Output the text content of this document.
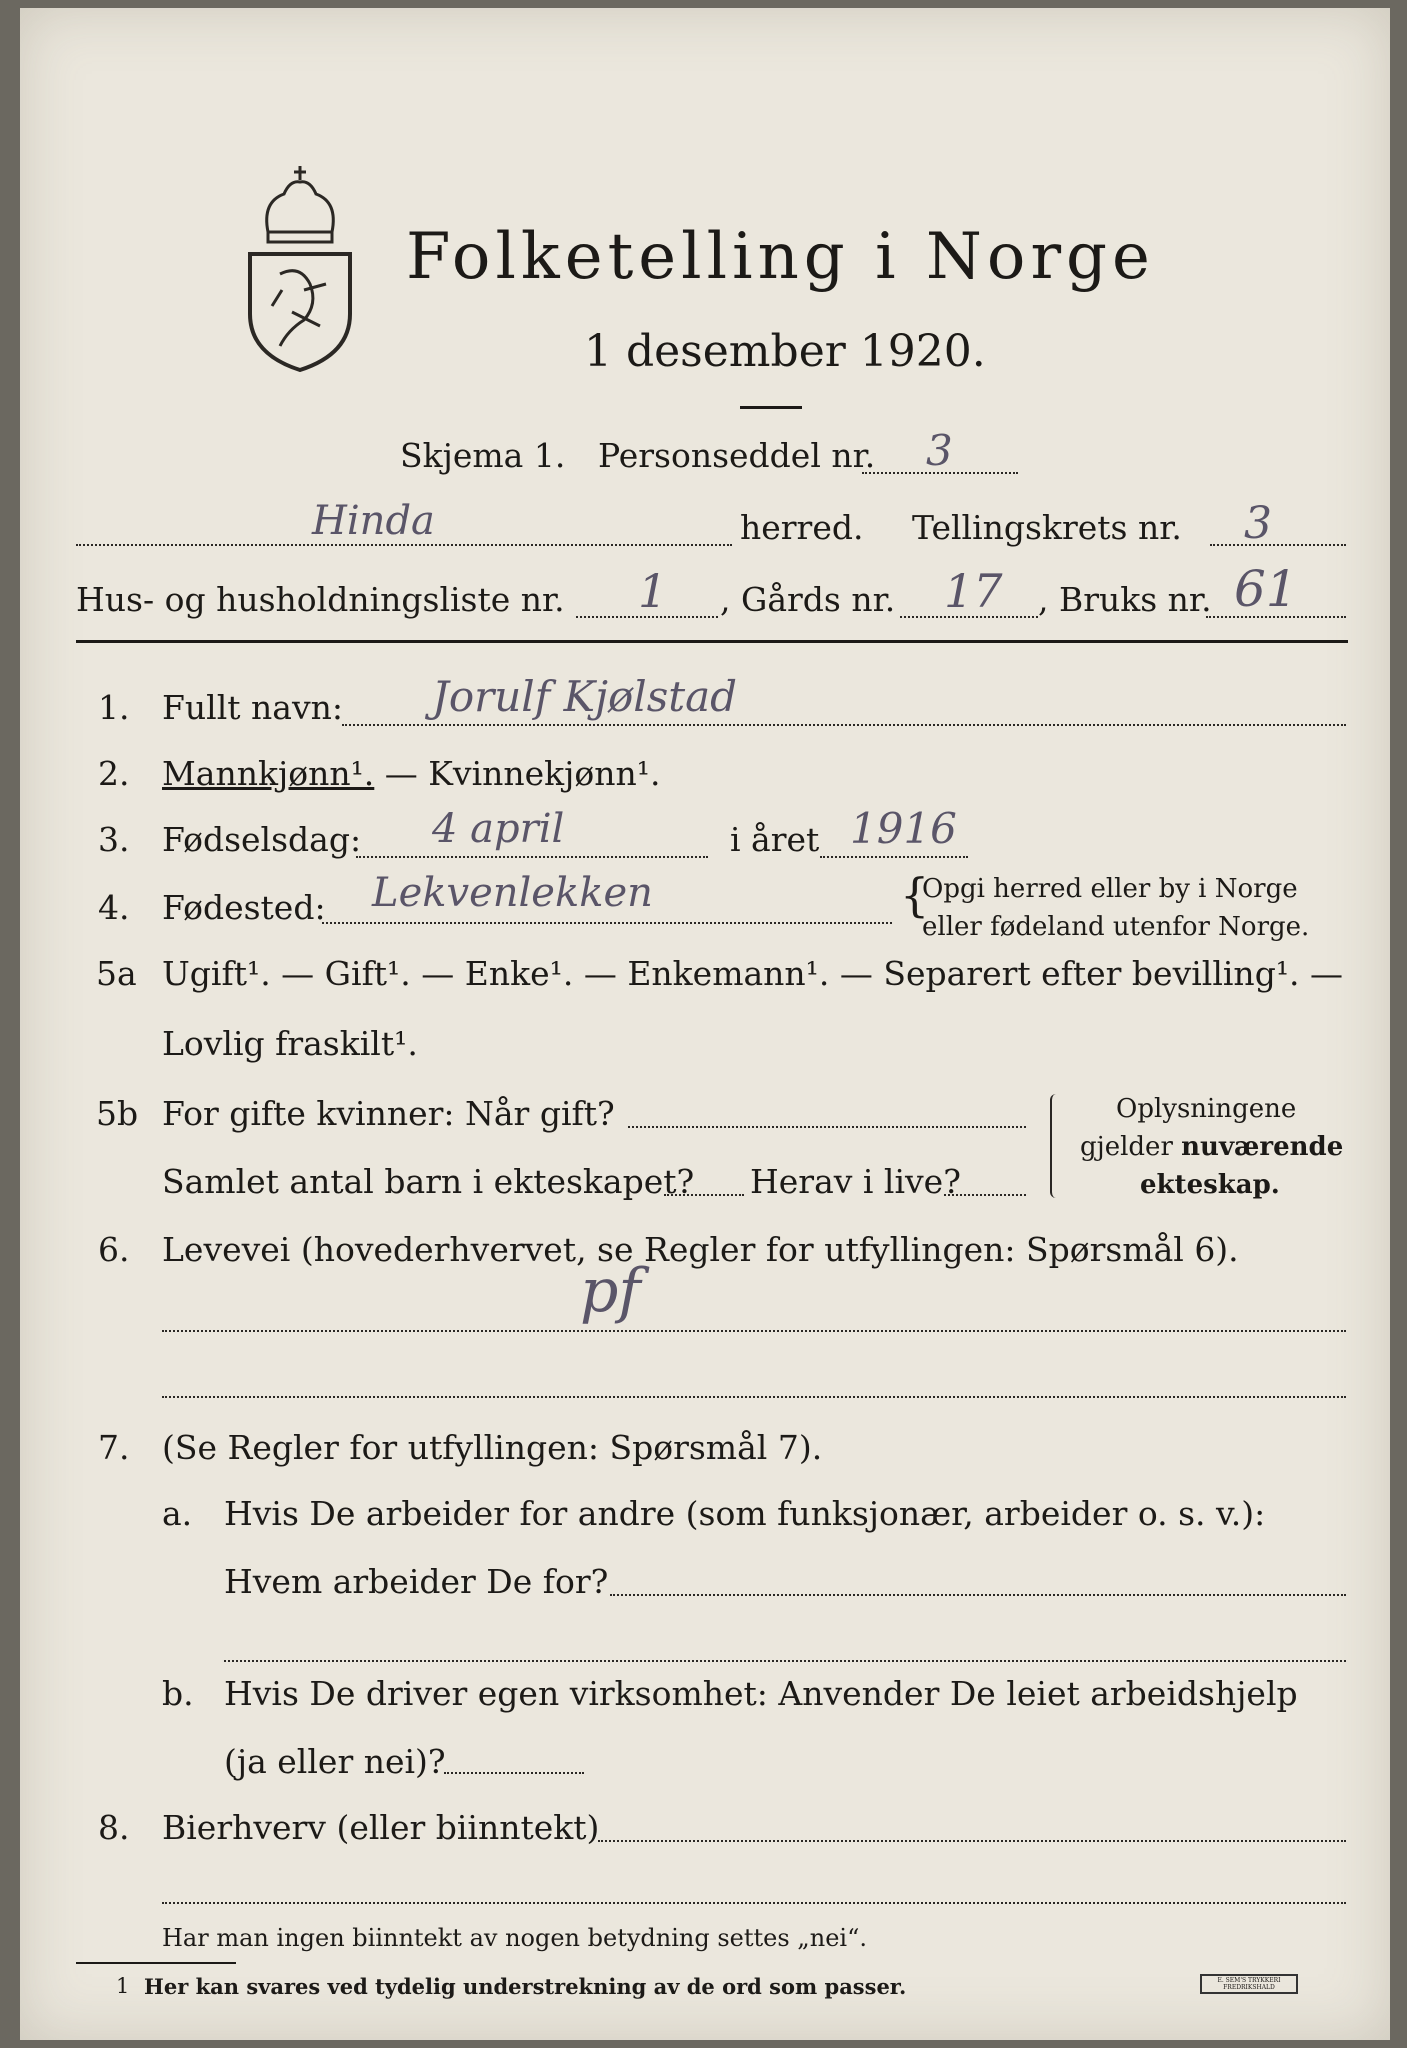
Folketelling i Norge
1 desember 1920.
Skjema 1. Personseddel nr. 3
Hinda	herred. Tellingskrets nr. 3
Hus- og husholdningsliste nr. 1 , Gårds nr. 17 , Bruks nr. 61
1. Fullt navn: Jorulf Kjølstad
2. Mannkjønn¹. — Kvinnekjønn¹.
3. Fødselsdag: 4 april	i året 1916
4. Fødested: Lekvenlekken	{
Opgi herred eller by i Norge
eller fødeland utenfor Norge.
5a Ugift¹. — Gift¹. — Enke¹. — Enkemann¹. — Separert efter bevilling¹. —
Lovlig fraskilt¹.
5b For gifte kvinner: Når gift?
Samlet antal barn i ekteskapet? Herav i live?
Oplysningene
gjelder nuværende
ekteskap.
6. Levevei (hovederhvervet, se Regler for utfyllingen: Spørsmål 6).
pf
7. (Se Regler for utfyllingen: Spørsmål 7).
a. Hvis De arbeider for andre (som funksjonær, arbeider o. s. v.):
Hvem arbeider De for?
b. Hvis De driver egen virksomhet: Anvender De leiet arbeidshjelp
(ja eller nei)?
8. Bierhverv (eller biinntekt)
Har man ingen biinntekt av nogen betydning settes „nei“.
1 Her kan svares ved tydelig understrekning av de ord som passer.	E. SEM'S TRYKKERI FREDRIKSHALD
